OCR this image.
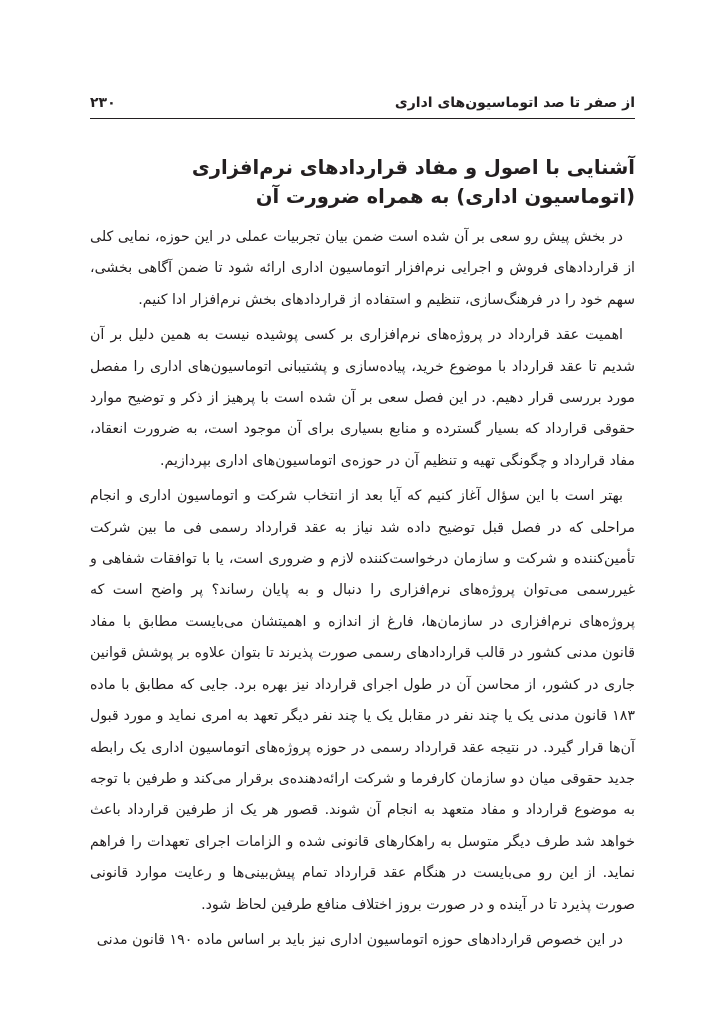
از صفر تا صد اتوماسیون‌های اداری
۲۳۰
آشنایی با اصول و مفاد قراردادهای نرم‌افزاری (اتوماسیون اداری) به همراه ضرورت آن

در بخش پیش رو سعی بر آن شده است ضمن بیان تجربیات عملی در این حوزه، نمایی کلی از قراردادهای فروش و اجرایی نرم‌افزار اتوماسیون اداری ارائه شود تا ضمن آگاهی بخشی، سهم خود را در فرهنگ‌سازی، تنظیم و استفاده از قراردادهای بخش نرم‌افزار ادا کنیم.

اهمیت عقد قرارداد در پروژه‌های نرم‌افزاری بر کسی پوشیده نیست به همین دلیل بر آن شدیم تا عقد قرارداد با موضوع خرید، پیاده‌سازی و پشتیبانی اتوماسیون‌های اداری را مفصل مورد بررسی قرار دهیم. در این فصل سعی بر آن شده است با پرهیز از ذکر و توضیح موارد حقوقی قرارداد که بسیار گسترده و منابع بسیاری برای آن موجود است، به ضرورت انعقاد، مفاد قرارداد و چگونگی تهیه و تنظیم آن در حوزه‌ی اتوماسیون‌های اداری بپردازیم.

بهتر است با این سؤال آغاز کنیم که آیا بعد از انتخاب شرکت و اتوماسیون اداری و انجام مراحلی که در فصل قبل توضیح داده شد نیاز به عقد قرارداد رسمی فی ما بین شرکت تأمین‌کننده و شرکت و سازمان درخواست‌کننده لازم و ضروری است، یا با توافقات شفاهی و غیررسمی می‌توان پروژه‌های نرم‌افزاری را دنبال و به پایان رساند؟ پر واضح است که پروژه‌های نرم‌افزاری در سازمان‌ها، فارغ از اندازه و اهمیتشان می‌بایست مطابق با مفاد قانون مدنی کشور در قالب قراردادهای رسمی صورت پذیرند تا بتوان علاوه بر پوشش قوانین جاری در کشور، از محاسن آن در طول اجرای قرارداد نیز بهره برد. جایی که مطابق با ماده ۱۸۳ قانون مدنی یک یا چند نفر در مقابل یک یا چند نفر دیگر تعهد به امری نماید و مورد قبول آن‌ها قرار گیرد. در نتیجه عقد قرارداد رسمی در حوزه پروژه‌های اتوماسیون اداری یک رابطه جدید حقوقی میان دو سازمان کارفرما و شرکت ارائه‌دهنده‌ی برقرار می‌کند و طرفین با توجه به موضوع قرارداد و مفاد متعهد به انجام آن شوند. قصور هر یک از طرفین قرارداد باعث خواهد شد طرف دیگر متوسل به راهکارهای قانونی شده و الزامات اجرای تعهدات را فراهم نماید. از این رو می‌بایست در هنگام عقد قرارداد تمام پیش‌بینی‌ها و رعایت موارد قانونی صورت پذیرد تا در آینده و در صورت بروز اختلاف منافع طرفین لحاظ شود.

در این خصوص قراردادهای حوزه اتوماسیون اداری نیز باید بر اساس ماده ۱۹۰ قانون مدنی
